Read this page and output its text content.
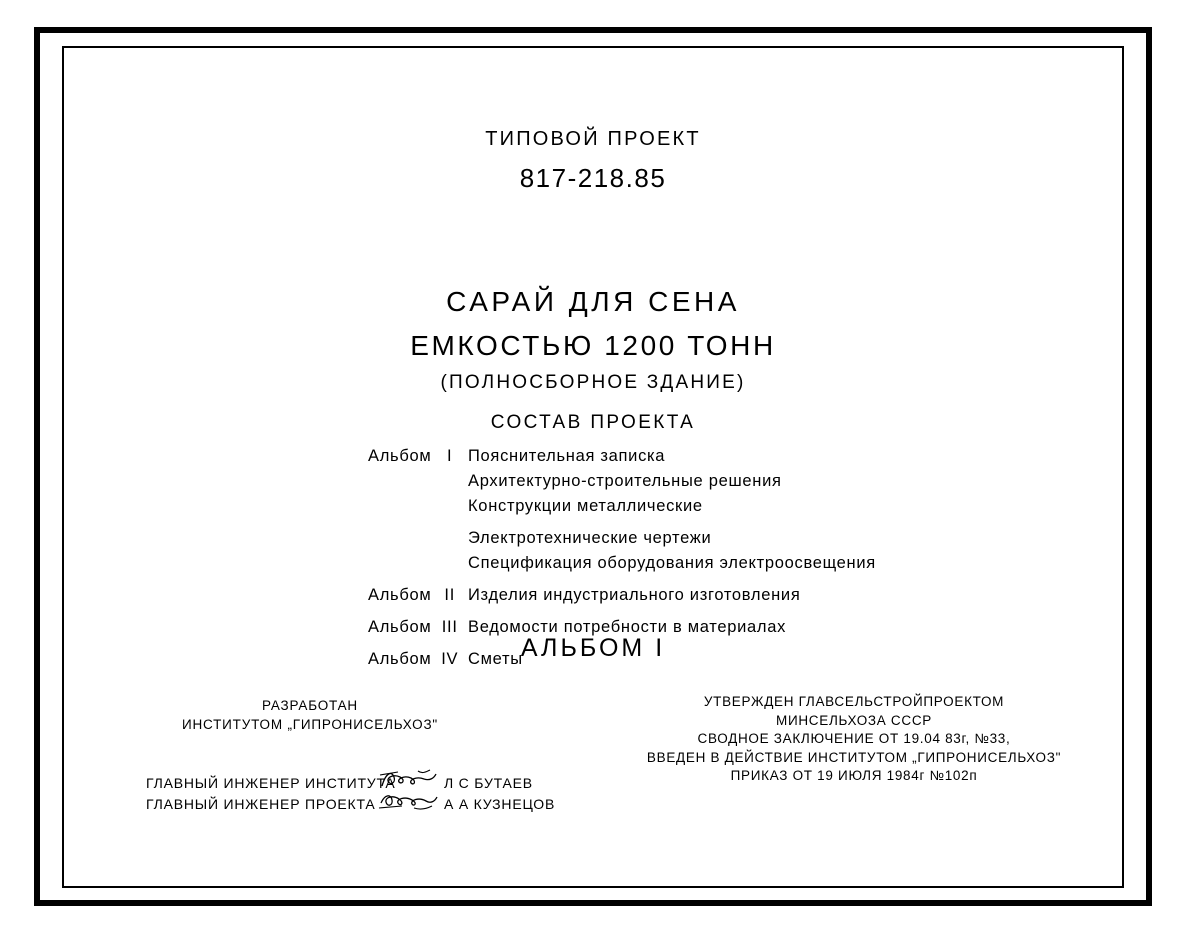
ТИПОВОЙ ПРОЕКТ
817-218.85
САРАЙ ДЛЯ СЕНА
ЕМКОСТЬЮ 1200 ТОНН
(ПОЛНОСБОРНОЕ ЗДАНИЕ)
СОСТАВ ПРОЕКТА
Альбом I Пояснительная записка
Архитектурно-строительные решения
Конструкции металлические
Электротехнические чертежи
Спецификация оборудования электроосвещения
Альбом II Изделия индустриального изготовления
Альбом III Ведомости потребности в материалах
Альбом IV Сметы
АЛЬБОМ I
РАЗРАБОТАН
ИНСТИТУТОМ „ГИПРОНИСЕЛЬХОЗ"
УТВЕРЖДЕН ГЛАВСЕЛЬСТРОЙПРОЕКТОМ
МИНСЕЛЬХОЗА СССР
СВОДНОЕ ЗАКЛЮЧЕНИЕ ОТ 19.04 83г, №33,
ВВЕДЕН В ДЕЙСТВИЕ ИНСТИТУТОМ „ГИПРОНИСЕЛЬХОЗ"
ПРИКАЗ ОТ 19 ИЮЛЯ 1984г №102п
ГЛАВНЫЙ ИНЖЕНЕР ИНСТИТУТА	Л С БУТАЕВ
ГЛАВНЫЙ ИНЖЕНЕР ПРОЕКТА	А А КУЗНЕЦОВ
